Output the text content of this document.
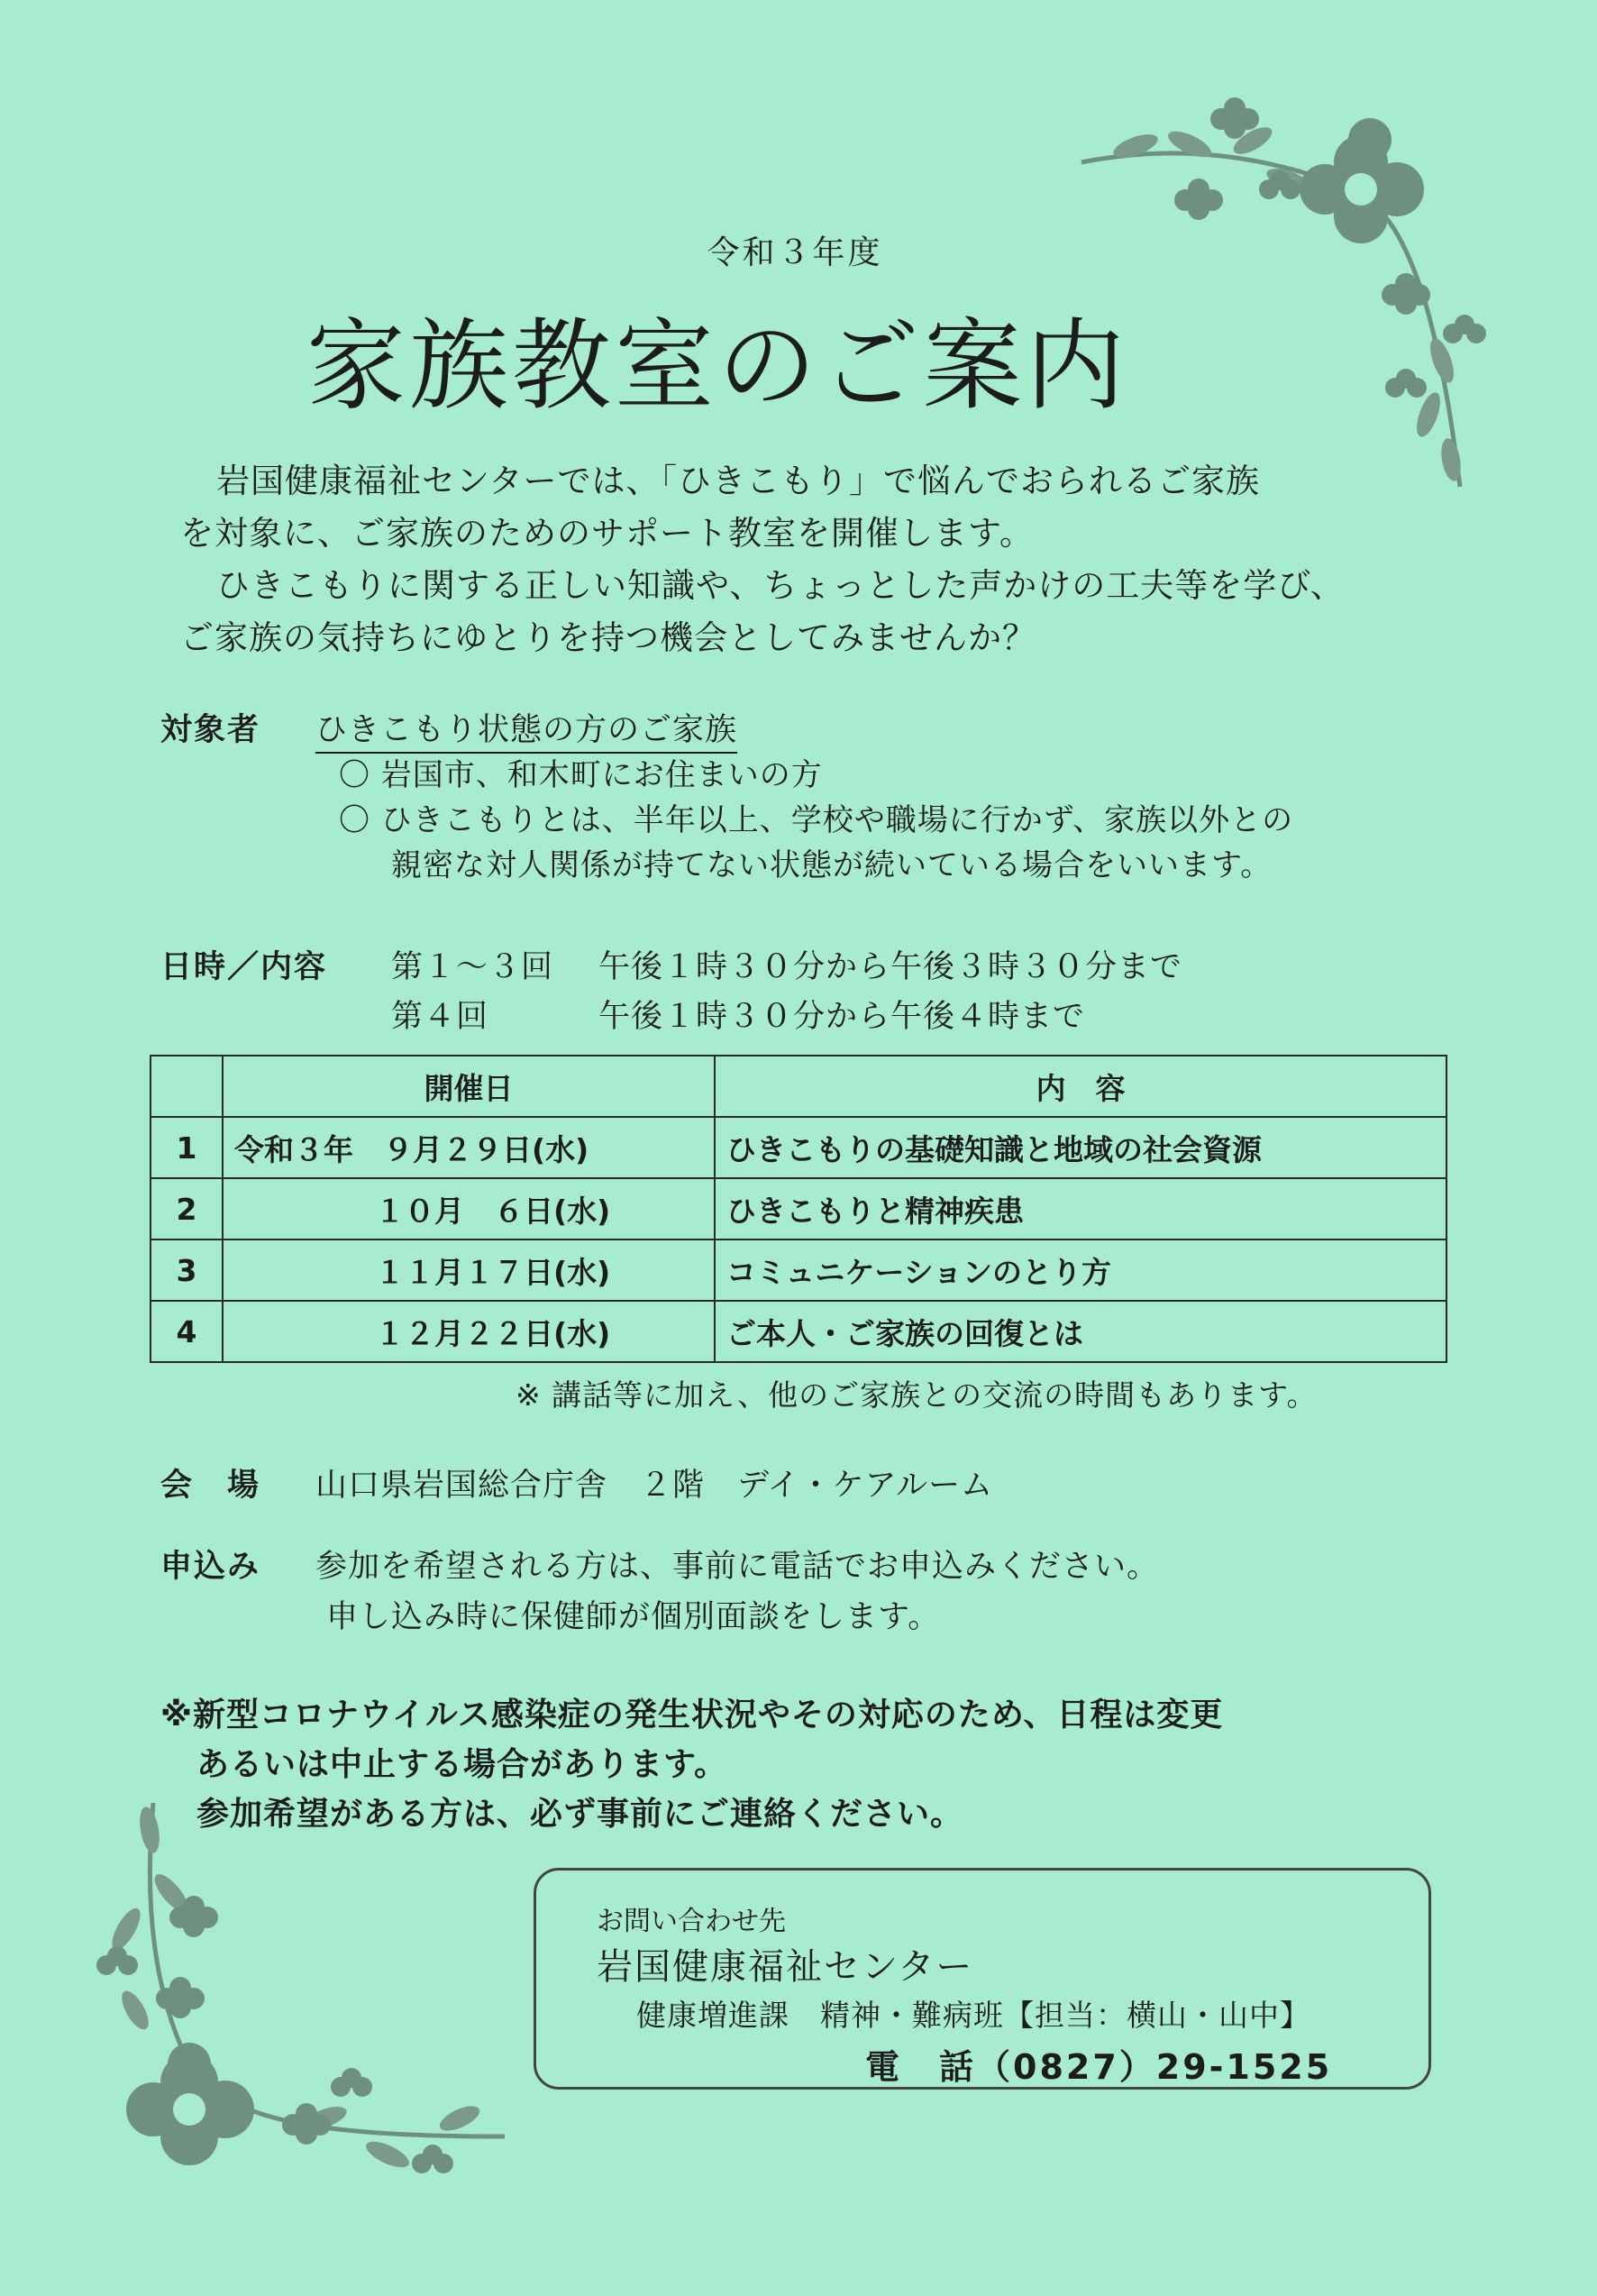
令和３年度
家族教室のご案内

岩国健康福祉センターでは、「ひきこもり」で悩んでおられるご家族

を対象に、ご家族のためのサポート教室を開催します。

ひきこもりに関する正しい知識や、ちょっとした声かけの工夫等を学び、

ご家族の気持ちにゆとりを持つ機会としてみませんか？

対象者 ひきこもり状態の方のご家族
〇 岩国市、和木町にお住まいの方
〇 ひきこもりとは、半年以上、学校や職場に行かず、家族以外との
親密な対人関係が持てない状態が続いている場合をいいます。
日時／内容 第１～３回 午後１時３０分から午後３時３０分まで
第４回	午後１時３０分から午後４時まで
	開催日	内　容
1	令和３年　９月２９日(水)	ひきこもりの基礎知識と地域の社会資源
2	１０月　６日(水)	ひきこもりと精神疾患
3	１１月１７日(水)	コミュニケーションのとり方
4	１２月２２日(水)	ご本人・ご家族の回復とは
※ 講話等に加え、他のご家族との交流の時間もあります。
会　場 山口県岩国総合庁舎　２階　デイ・ケアルーム
申込み 参加を希望される方は、事前に電話でお申込みください。
申し込み時に保健師が個別面談をします。

※新型コロナウイルス感染症の発生状況やその対応のため、日程は変更

あるいは中止する場合があります。

参加希望がある方は、必ず事前にご連絡ください。

お問い合わせ先
岩国健康福祉センター
健康増進課　精神・難病班【担当：横山・山中】
電　話（0827）29-1525
